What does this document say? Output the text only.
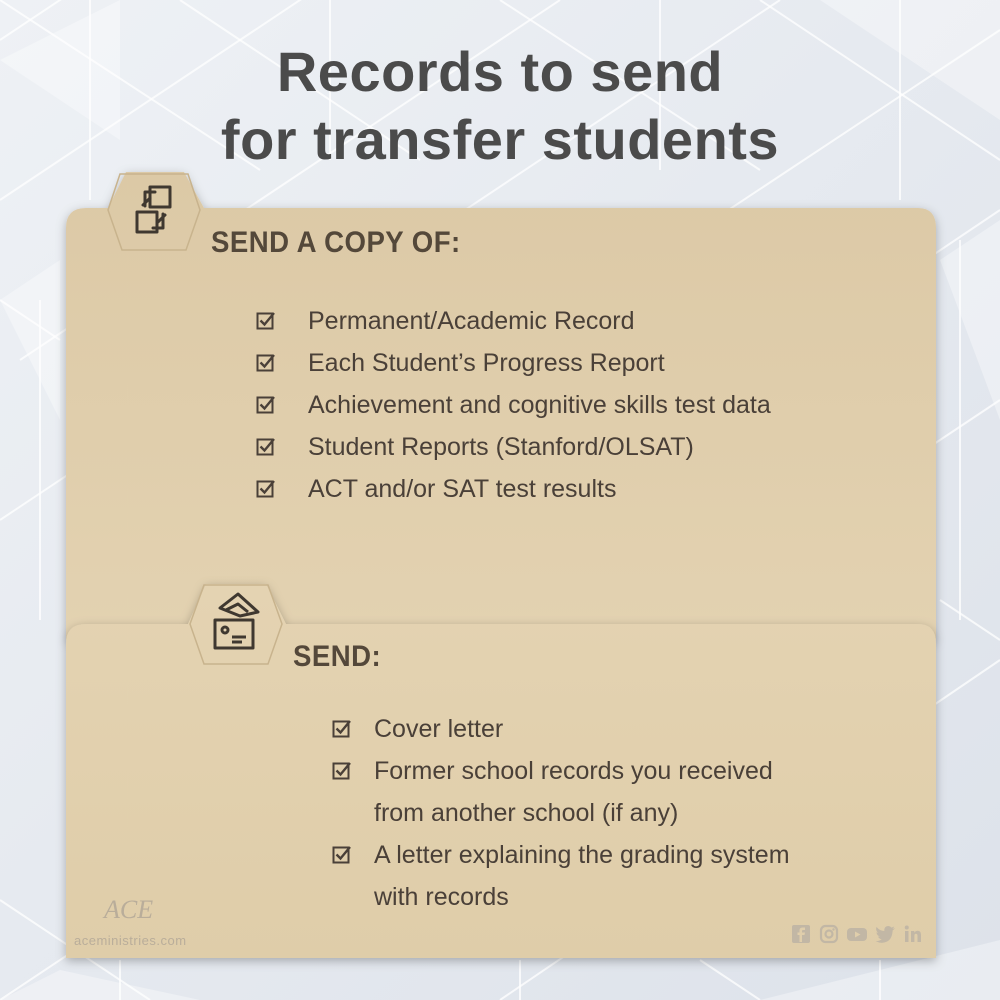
Records to send
for transfer students
SEND A COPY OF:
SEND:
Permanent/Academic Record
Each Student’s Progress Report
Achievement and cognitive skills test data
Student Reports (Stanford/OLSAT)
ACT and/or SAT test results
Cover letter
Former school records you received
from another school (if any)
A letter explaining the grading system
with records
ACE
aceministries.com
